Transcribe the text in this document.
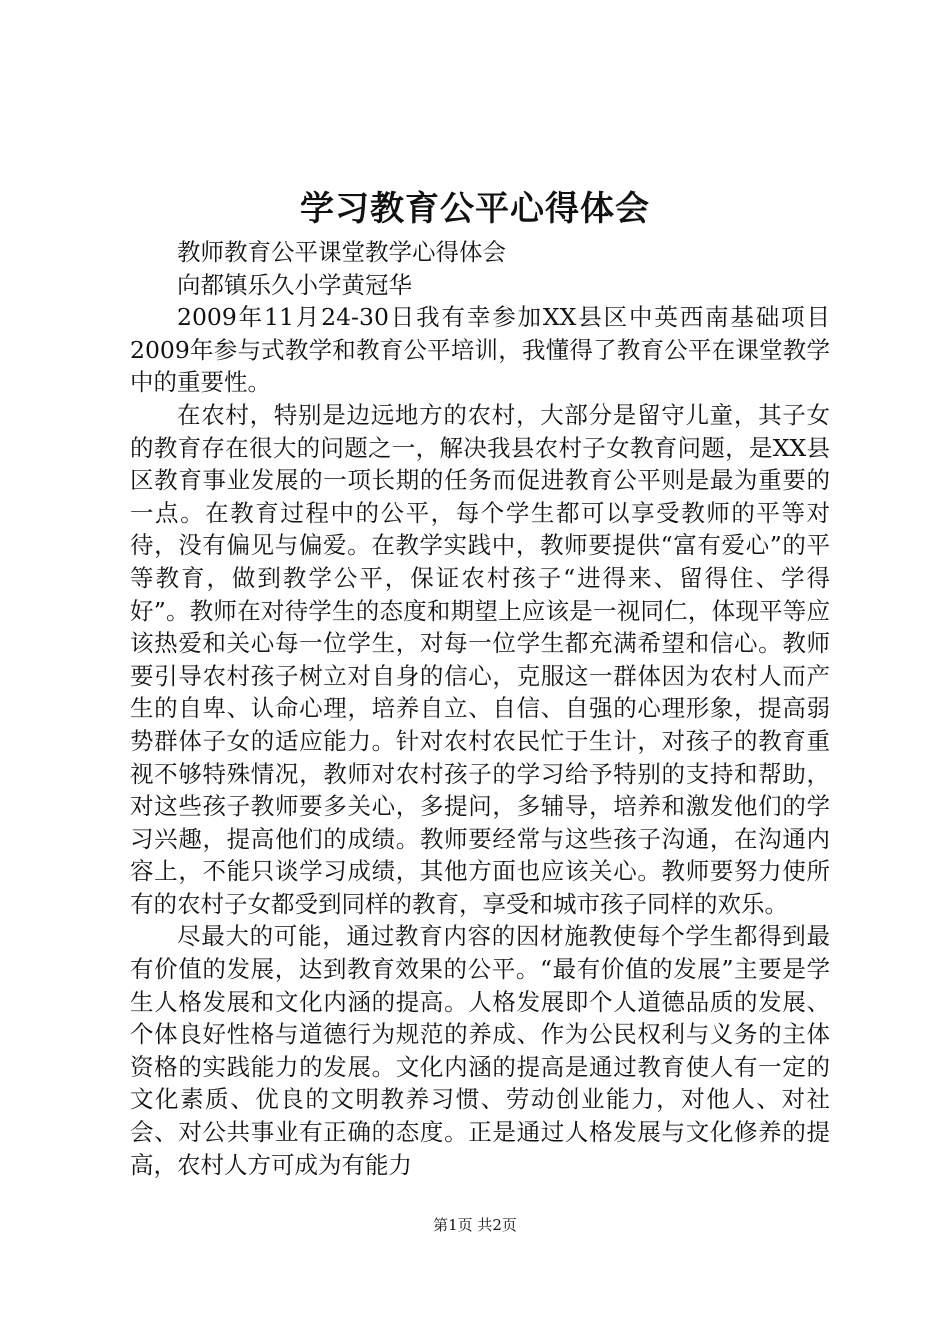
学习教育公平心得体会

教师教育公平课堂教学心得体会

向都镇乐久小学黄冠华

2009年11月24-30日我有幸参加XX县区中英西南基础项目2009年参与式教学和教育公平培训，我懂得了教育公平在课堂教学中的重要性。

在农村，特别是边远地方的农村，大部分是留守儿童，其子女的教育存在很大的问题之一，解决我县农村子女教育问题，是XX县区教育事业发展的一项长期的任务而促进教育公平则是最为重要的一点。在教育过程中的公平，每个学生都可以享受教师的平等对待，没有偏见与偏爱。在教学实践中，教师要提供“富有爱心”的平等教育，做到教学公平，保证农村孩子“进得来、留得住、学得好”。教师在对待学生的态度和期望上应该是一视同仁，体现平等应该热爱和关心每一位学生，对每一位学生都充满希望和信心。教师要引导农村孩子树立对自身的信心，克服这一群体因为农村人而产生的自卑、认命心理，培养自立、自信、自强的心理形象，提高弱势群体子女的适应能力。针对农村农民忙于生计，对孩子的教育重视不够特殊情况，教师对农村孩子的学习给予特别的支持和帮助，对这些孩子教师要多关心，多提问，多辅导，培养和激发他们的学习兴趣，提高他们的成绩。教师要经常与这些孩子沟通，在沟通内容上，不能只谈学习成绩，其他方面也应该关心。教师要努力使所有的农村子女都受到同样的教育，享受和城市孩子同样的欢乐。

尽最大的可能，通过教育内容的因材施教使每个学生都得到最有价值的发展，达到教育效果的公平。“最有价值的发展”主要是学生人格发展和文化内涵的提高。人格发展即个人道德品质的发展、个体良好性格与道德行为规范的养成、作为公民权利与义务的主体资格的实践能力的发展。文化内涵的提高是通过教育使人有一定的文化素质、优良的文明教养习惯、劳动创业能力，对他人、对社会、对公共事业有正确的态度。正是通过人格发展与文化修养的提高，农村人方可成为有能力

第1页 共2页
